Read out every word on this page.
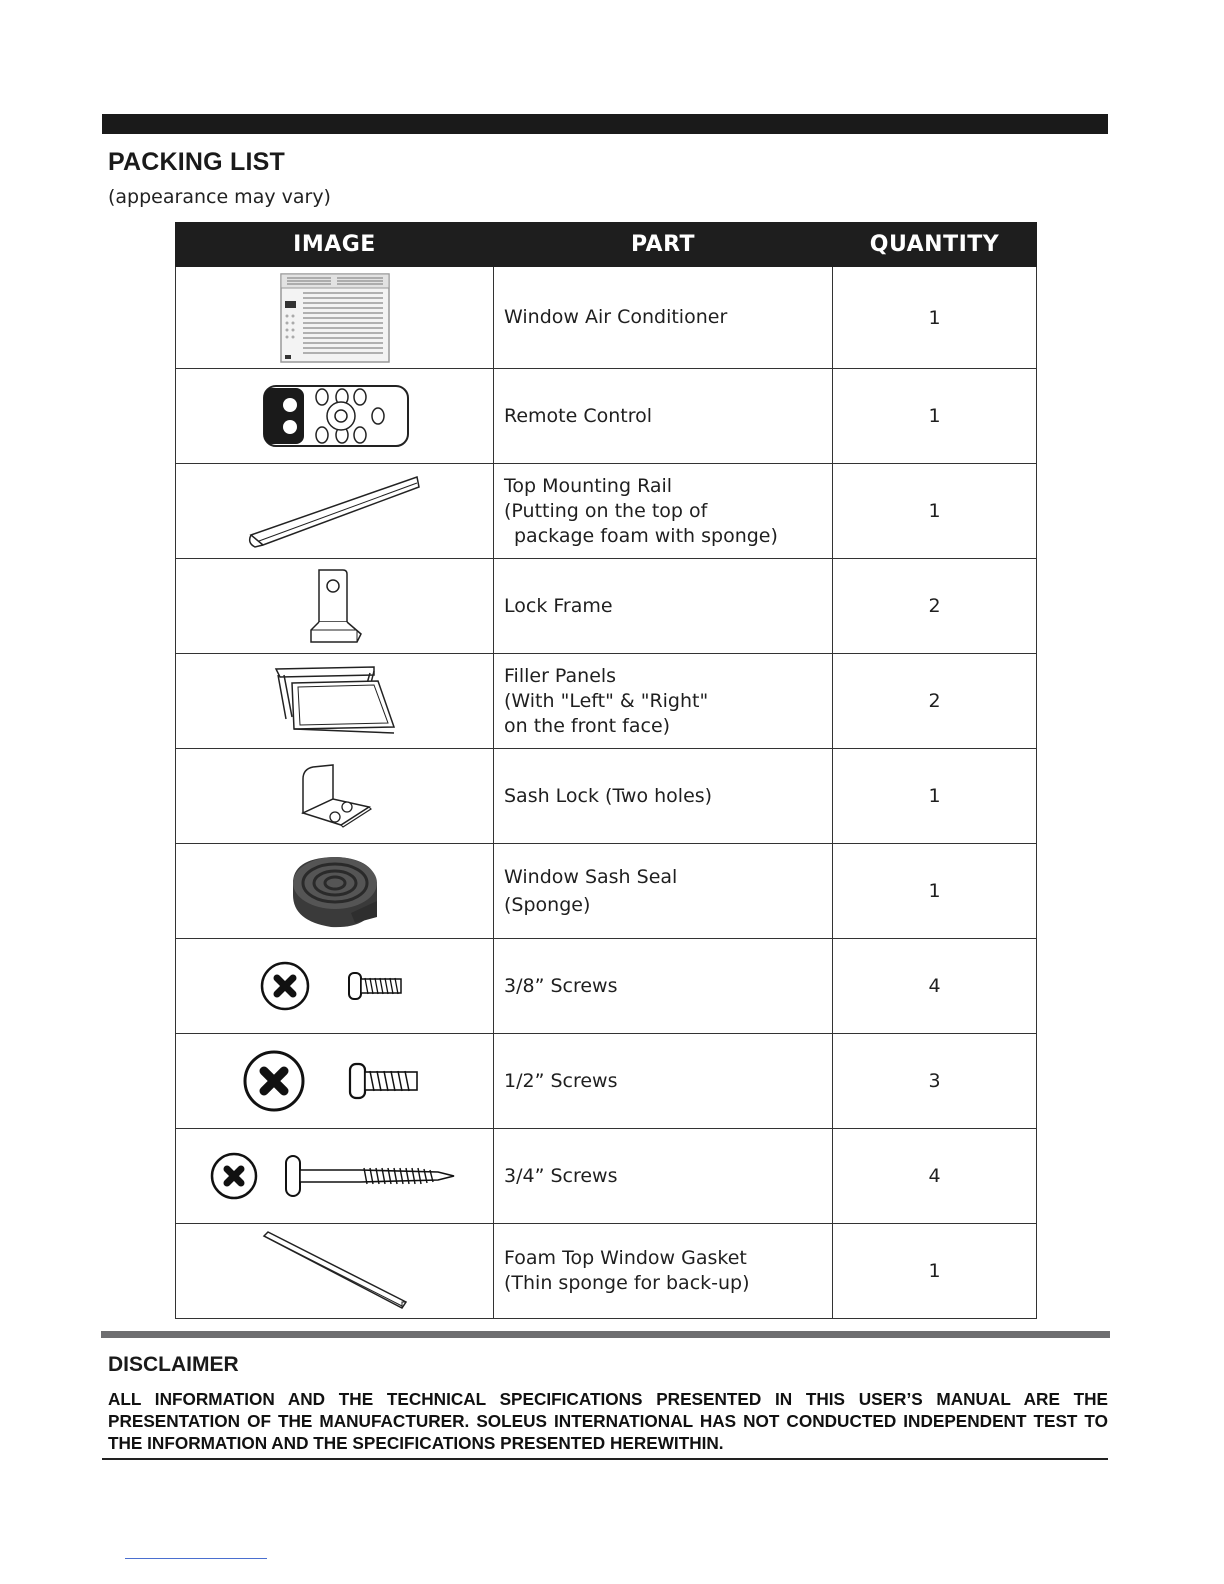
PACKING LIST
(appearance may vary)
IMAGE	PART	QUANTITY

Window Air Conditioner	1

Remote Control	1

Top Mounting Rail
(Putting on the top of
package foam with sponge)	1

Lock Frame	2

Filler Panels
(With "Left" & "Right"
on the front face)	2

Sash Lock (Two holes)	1

Window Sash Seal
(Sponge)	1

3/8” Screws	4

1/2” Screws	3

3/4” Screws	4

Foam Top Window Gasket
(Thin sponge for back-up)	1
DISCLAIMER
ALL INFORMATION AND THE TECHNICAL SPECIFICATIONS PRESENTED IN THIS USER’S MANUAL ARE THE PRESENTATION OF THE MANUFACTURER. SOLEUS INTERNATIONAL HAS NOT CONDUCTED INDEPENDENT TEST TO THE INFORMATION AND THE SPECIFICATIONS PRESENTED HEREWITHIN.
